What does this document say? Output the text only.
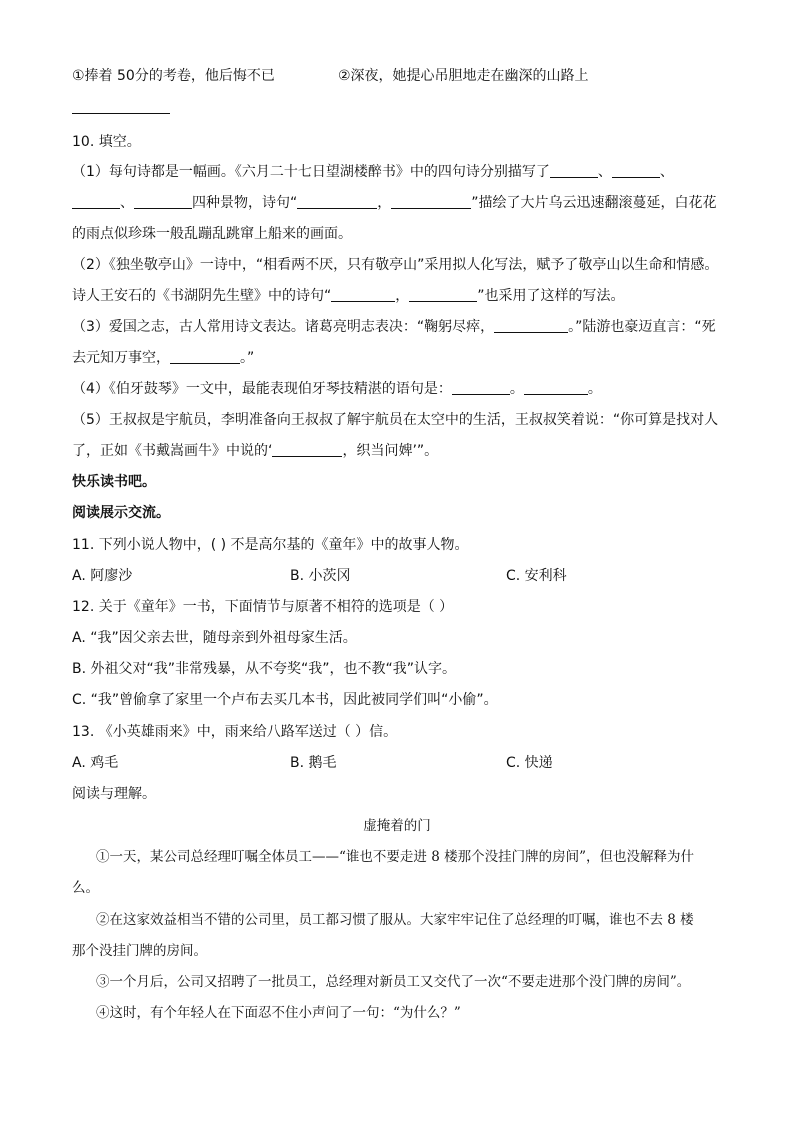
①捧着 50分的考卷，他后悔不已	②深夜，她提心吊胆地走在幽深的山路上
10. 填空。
（1）每句诗都是一幅画。《六月二十七日望湖楼醉书》中的四句诗分别描写了	、	、
、	四种景物，诗句“	，	”描绘了大片乌云迅速翻滚蔓延，白花花
的雨点似珍珠一般乱蹦乱跳窜上船来的画面。
（2）《独坐敬亭山》一诗中，“相看两不厌，只有敬亭山”采用拟人化写法，赋予了敬亭山以生命和情感。
诗人王安石的《书湖阴先生壁》中的诗句“	，	”也采用了这样的写法。
（3）爱国之志，古人常用诗文表达。诸葛亮明志表决：“鞠躬尽瘁，	。”陆游也豪迈直言：“死
去元知万事空，	。”
（4）《伯牙鼓琴》一文中，最能表现伯牙琴技精湛的语句是：	。	。
（5）王叔叔是宇航员，李明准备向王叔叔了解宇航员在太空中的生活，王叔叔笑着说：“你可算是找对人
了，正如《书戴嵩画牛》中说的‘	，织当问婢’”。
快乐读书吧。
阅读展示交流。
11. 下列小说人物中，( ) 不是高尔基的《童年》中的故事人物。
A. 阿廖沙	B. 小茨冈	C. 安利科
12. 关于《童年》一书，下面情节与原著不相符的选项是（ ）
A. “我”因父亲去世，随母亲到外祖母家生活。
B. 外祖父对“我”非常残暴，从不夸奖“我”，也不教“我”认字。
C. “我”曾偷拿了家里一个卢布去买几本书，因此被同学们叫“小偷”。
13. 《小英雄雨来》中，雨来给八路军送过（ ）信。
A. 鸡毛	B. 鹅毛	C. 快递
阅读与理解。
虚掩着的门
①一天，某公司总经理叮嘱全体员工——“谁也不要走进 8 楼那个没挂门牌的房间”，但也没解释为什
么。
②在这家效益相当不错的公司里，员工都习惯了服从。大家牢牢记住了总经理的叮嘱，谁也不去 8 楼
那个没挂门牌的房间。
③一个月后，公司又招聘了一批员工，总经理对新员工又交代了一次“不要走进那个没门牌的房间”。
④这时，有个年轻人在下面忍不住小声问了一句：“为什么？”
